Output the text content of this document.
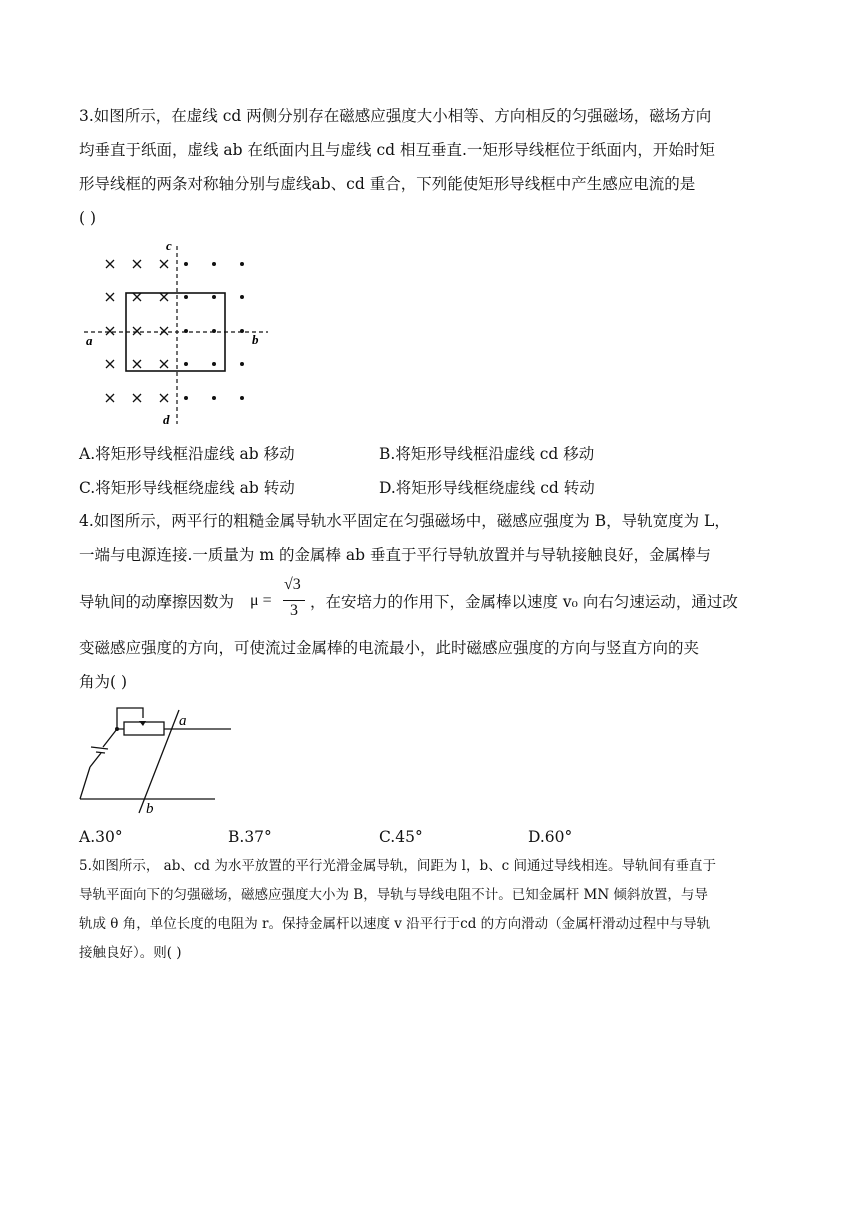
3.如图所示，在虚线 cd 两侧分别存在磁感应强度大小相等、方向相反的匀强磁场，磁场方向
均垂直于纸面，虚线 ab 在纸面内且与虚线 cd 相互垂直.一矩形导线框位于纸面内，开始时矩
形导线框的两条对称轴分别与虚线ab、cd 重合，下列能使矩形导线框中产生感应电流的是
( )
c
d
a	b
A.将矩形导线框沿虚线 ab 移动	B.将矩形导线框沿虚线 cd 移动
C.将矩形导线框绕虚线 ab 转动	D.将矩形导线框绕虚线 cd 转动
4.如图所示，两平行的粗糙金属导轨水平固定在匀强磁场中，磁感应强度为 B，导轨宽度为 L，
一端与电源连接.一质量为 m 的金属棒 ab 垂直于平行导轨放置并与导轨接触良好，金属棒与
导轨间的动摩擦因数为 μ =
√3
3 ，在安培力的作用下，金属棒以速度 v₀ 向右匀速运动，通过改
变磁感应强度的方向，可使流过金属棒的电流最小，此时磁感应强度的方向与竖直方向的夹
角为( )
a
b
A.30°	B.37°	C.45°	D.60°
5.如图所示， ab、cd 为水平放置的平行光滑金属导轨，间距为 l，b、c 间通过导线相连。导轨间有垂直于
导轨平面向下的匀强磁场，磁感应强度大小为 B，导轨与导线电阻不计。已知金属杆 MN 倾斜放置，与导
轨成 θ 角，单位长度的电阻为 r。保持金属杆以速度 v 沿平行于cd 的方向滑动（金属杆滑动过程中与导轨
接触良好）。则( )
